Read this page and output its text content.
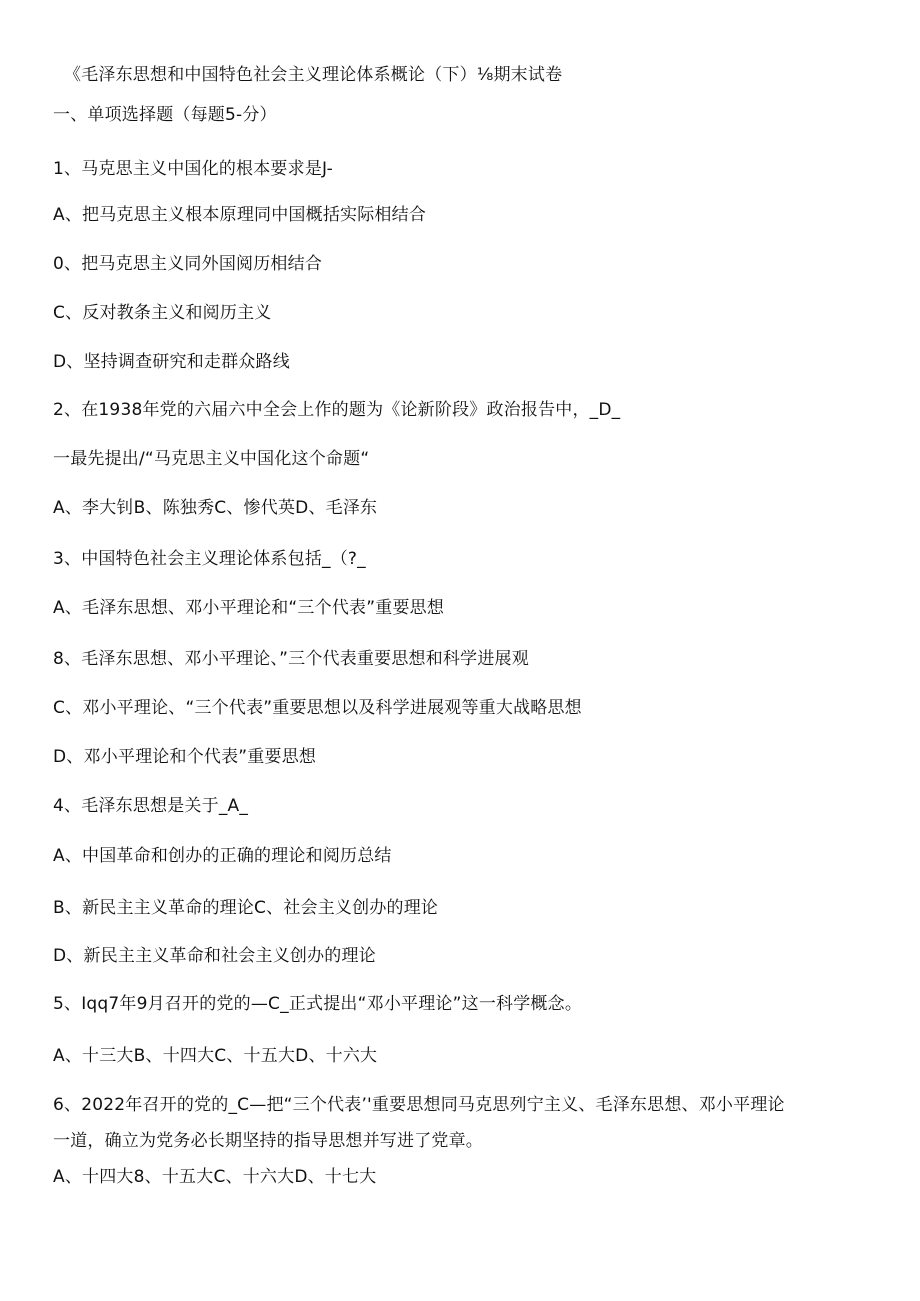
《毛泽东思想和中国特色社会主义理论体系概论（下）⅛期末试卷
一、单项选择题（每题5-分）
1、马克思主义中国化的根本要求是J-
A、把马克思主义根本原理同中国概括实际相结合
0、把马克思主义同外国阅历相结合
C、反对教条主义和阅历主义
D、坚持调查研究和走群众路线
2、在1938年党的六届六中全会上作的题为《论新阶段》政治报告中，_D_
一最先提出/“马克思主义中国化这个命题“
A、李大钊B、陈独秀C、惨代英D、毛泽东
3、中国特色社会主义理论体系包括_（?_
A、毛泽东思想、邓小平理论和“三个代表”重要思想
8、毛泽东思想、邓小平理论、”三个代表重要思想和科学进展观
C、邓小平理论、“三个代表”重要思想以及科学进展观等重大战略思想
D、邓小平理论和个代表”重要思想
4、毛泽东思想是关于_A_
A、中国革命和创办的正确的理论和阅历总结
B、新民主主义革命的理论C、社会主义创办的理论
D、新民主主义革命和社会主义创办的理论
5、Iqq7年9月召开的党的—C_正式提出“邓小平理论”这一科学概念。
A、十三大B、十四大C、十五大D、十六大
6、2022年召开的党的_C—把“三个代表’'重要思想同马克思列宁主义、毛泽东思想、邓小平理论
一道，确立为党务必长期坚持的指导思想并写进了党章。
A、十四大8、十五大C、十六大D、十七大
